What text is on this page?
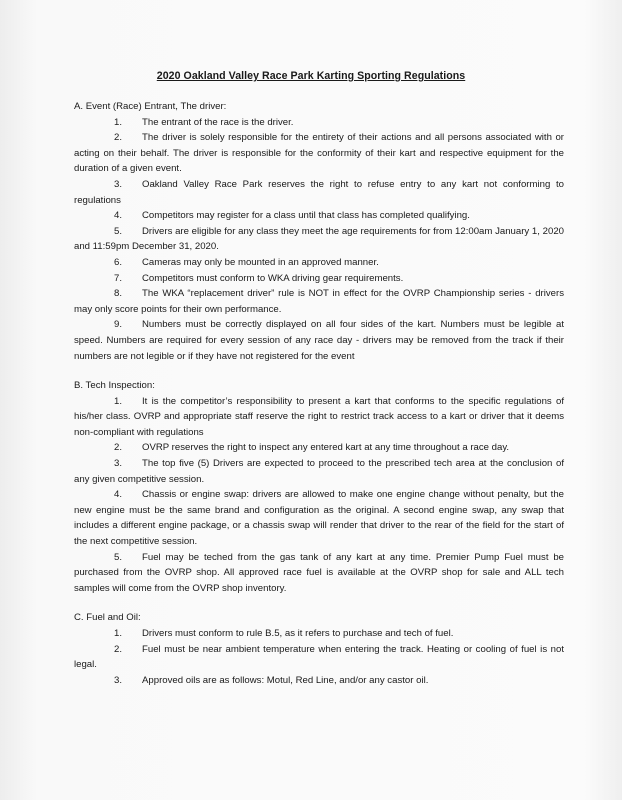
2020 Oakland Valley Race Park Karting Sporting Regulations

A. Event (Race) Entrant, The driver:

1. The entrant of the race is the driver.

2. The driver is solely responsible for the entirety of their actions and all persons associated with or acting on their behalf. The driver is responsible for the conformity of their kart and respective equipment for the duration of a given event.

3. Oakland Valley Race Park reserves the right to refuse entry to any kart not conforming to regulations

4. Competitors may register for a class until that class has completed qualifying.

5. Drivers are eligible for any class they meet the age requirements for from 12:00am January 1, 2020 and 11:59pm December 31, 2020.

6. Cameras may only be mounted in an approved manner.

7. Competitors must conform to WKA driving gear requirements.

8. The WKA “replacement driver” rule is NOT in effect for the OVRP Championship series - drivers may only score points for their own performance.

9. Numbers must be correctly displayed on all four sides of the kart. Numbers must be legible at speed. Numbers are required for every session of any race day - drivers may be removed from the track if their numbers are not legible or if they have not registered for the event

B. Tech Inspection:

1. It is the competitor’s responsibility to present a kart that conforms to the specific regulations of his/her class. OVRP and appropriate staff reserve the right to restrict track access to a kart or driver that it deems non-compliant with regulations

2. OVRP reserves the right to inspect any entered kart at any time throughout a race day.

3. The top five (5) Drivers are expected to proceed to the prescribed tech area at the conclusion of any given competitive session.

4. Chassis or engine swap: drivers are allowed to make one engine change without penalty, but the new engine must be the same brand and configuration as the original. A second engine swap, any swap that includes a different engine package, or a chassis swap will render that driver to the rear of the field for the start of the next competitive session.

5. Fuel may be teched from the gas tank of any kart at any time. Premier Pump Fuel must be purchased from the OVRP shop. All approved race fuel is available at the OVRP shop for sale and ALL tech samples will come from the OVRP shop inventory.

C. Fuel and Oil:

1. Drivers must conform to rule B.5, as it refers to purchase and tech of fuel.

2. Fuel must be near ambient temperature when entering the track. Heating or cooling of fuel is not legal.

3. Approved oils are as follows: Motul, Red Line, and/or any castor oil.
